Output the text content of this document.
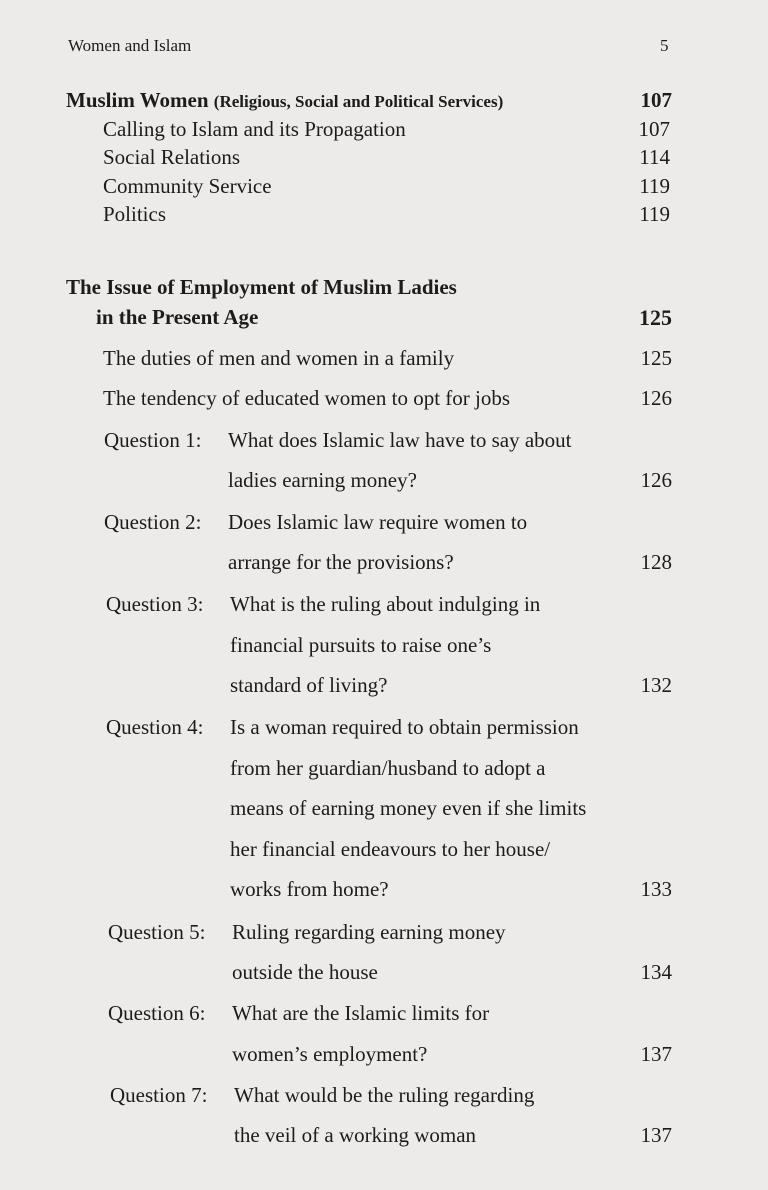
Women and Islam	5
Muslim Women (Religious, Social and Political Services)	107
Calling to Islam and its Propagation	107
Social Relations	114
Community Service	119
Politics	119
The Issue of Employment of Muslim Ladies
in the Present Age	125
The duties of men and women in a family	125
The tendency of educated women to opt for jobs	126
Question 1: What does Islamic law have to say about
ladies earning money?	126
Question 2: Does Islamic law require women to
arrange for the provisions?	128
Question 3: What is the ruling about indulging in
financial pursuits to raise one’s
standard of living?	132
Question 4: Is a woman required to obtain permission
from her guardian/husband to adopt a
means of earning money even if she limits
her financial endeavours to her house/
works from home?	133
Question 5: Ruling regarding earning money
outside the house	134
Question 6: What are the Islamic limits for
women’s employment?	137
Question 7: What would be the ruling regarding
the veil of a working woman	137
